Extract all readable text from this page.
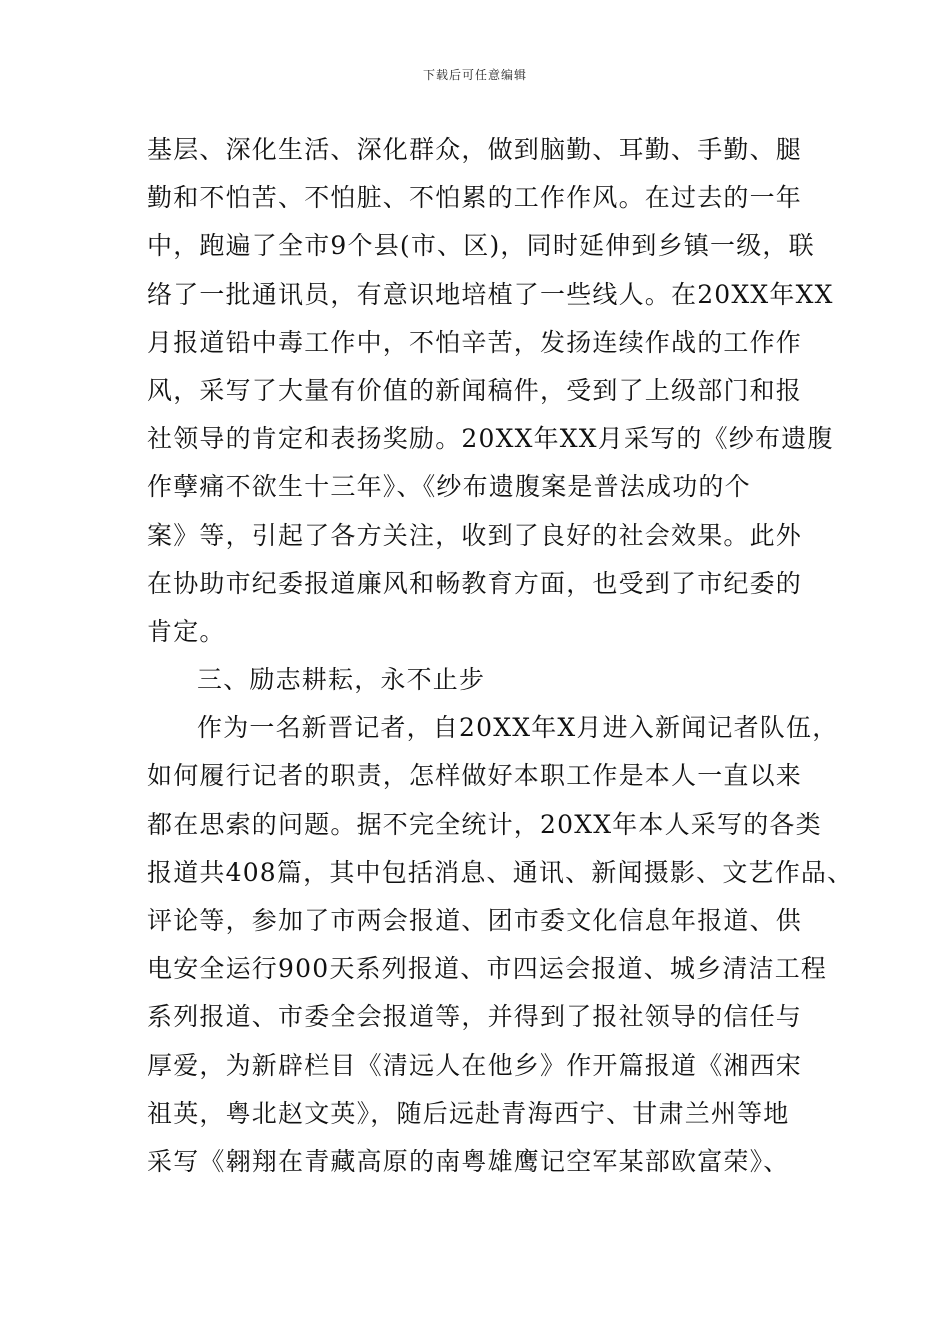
下载后可任意编辑
基层、深化生活、深化群众，做到脑勤、耳勤、手勤、腿
勤和不怕苦、不怕脏、不怕累的工作作风。在过去的一年
中，跑遍了全市9个县(市、区)，同时延伸到乡镇一级，联
络了一批通讯员，有意识地培植了一些线人。在20XX年XX
月报道铅中毒工作中，不怕辛苦，发扬连续作战的工作作
风，采写了大量有价值的新闻稿件，受到了上级部门和报
社领导的肯定和表扬奖励。20XX年XX月采写的《纱布遗腹
作孽痛不欲生十三年》、《纱布遗腹案是普法成功的个
案》等，引起了各方关注，收到了良好的社会效果。此外
在协助市纪委报道廉风和畅教育方面，也受到了市纪委的
肯定。
三、励志耕耘，永不止步
作为一名新晋记者，自20XX年X月进入新闻记者队伍，
如何履行记者的职责，怎样做好本职工作是本人一直以来
都在思索的问题。据不完全统计，20XX年本人采写的各类
报道共408篇，其中包括消息、通讯、新闻摄影、文艺作品、
评论等，参加了市两会报道、团市委文化信息年报道、供
电安全运行900天系列报道、市四运会报道、城乡清洁工程
系列报道、市委全会报道等，并得到了报社领导的信任与
厚爱，为新辟栏目《清远人在他乡》作开篇报道《湘西宋
祖英，粤北赵文英》，随后远赴青海西宁、甘肃兰州等地
采写《翱翔在青藏高原的南粤雄鹰记空军某部欧富荣》、
